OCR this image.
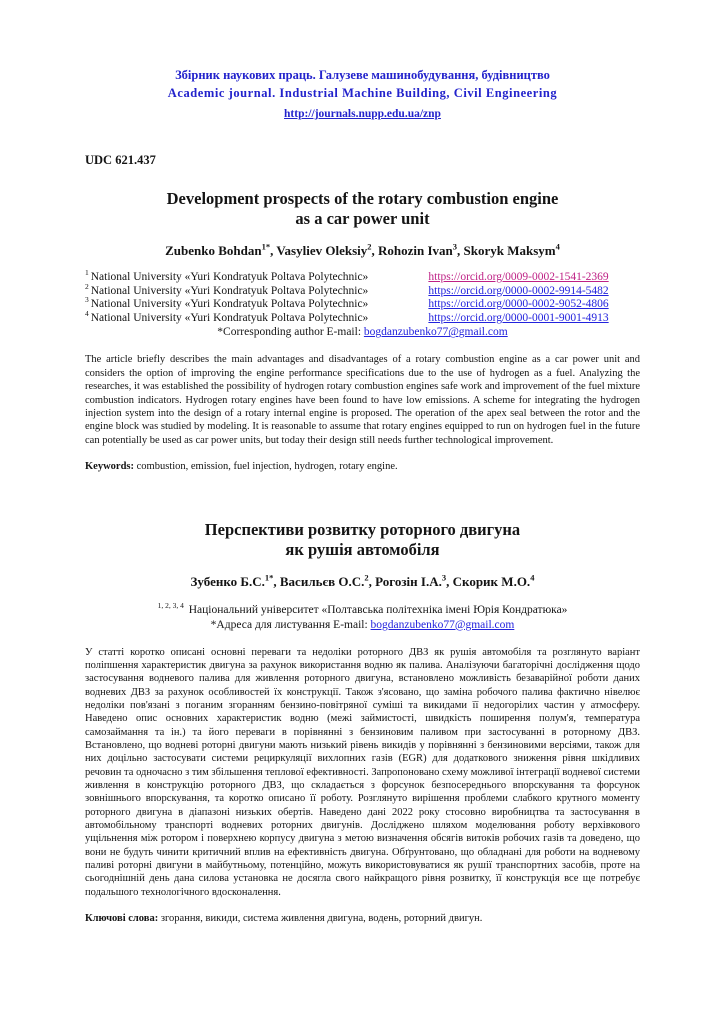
Збірник наукових праць. Галузеве машинобудування, будівництво
Academic journal. Industrial Machine Building, Civil Engineering
http://journals.nupp.edu.ua/znp
UDC 621.437
Development prospects of the rotary combustion engine
as a car power unit
Zubenko Bohdan$^{1*}$, Vasyliev Oleksiy$^2$, Rohozin Ivan$^3$, Skoryk Maksym$^4$
$^1$ National University «Yuri Kondratyuk Poltava Polytechnic»	https://orcid.org/0009-0002-1541-2369
$^2$ National University «Yuri Kondratyuk Poltava Polytechnic»	https://orcid.org/0000-0002-9914-5482
$^3$ National University «Yuri Kondratyuk Poltava Polytechnic»	https://orcid.org/0000-0002-9052-4806
$^4$ National University «Yuri Kondratyuk Poltava Polytechnic»	https://orcid.org/0000-0001-9001-4913
*Corresponding author E-mail: bogdanzubenko77@gmail.com
The article briefly describes the main advantages and disadvantages of a rotary combustion engine as a car power unit and considers the option of improving the engine performance specifications due to the use of hydrogen as a fuel. Analyzing the researches, it was established the possibility of hydrogen rotary combustion engines safe work and improvement of the fuel mixture combustion indicators. Hydrogen rotary engines have been found to have low emissions. A scheme for integrating the hydrogen injection system into the design of a rotary internal engine is proposed. The operation of the apex seal between the rotor and the engine block was studied by modeling. It is reasonable to assume that rotary engines equipped to run on hydrogen fuel in the future can potentially be used as car power units, but today their design still needs further technological improvement.
Keywords: combustion, emission, fuel injection, hydrogen, rotary engine.
Перспективи розвитку роторного двигуна
як рушія автомобіля
Зубенко Б.С.$^{1*}$, Васильєв О.С.$^2$, Рогозін І.А.$^3$, Скорик М.О.$^4$
$^{1, 2, 3, 4}$ Національний університет «Полтавська політехніка імені Юрія Кондратюка»
*Адреса для листування E-mail: bogdanzubenko77@gmail.com
У статті коротко описані основні переваги та недоліки роторного ДВЗ як рушія автомобіля та розглянуто варіант поліпшення характеристик двигуна за рахунок використання водню як палива. Аналізуючи багаторічні дослідження щодо застосування водневого палива для живлення роторного двигуна, встановлено можливість безаварійної роботи даних водневих ДВЗ за рахунок особливостей їх конструкції. Також з'ясовано, що заміна робочого палива фактично нівелює недоліки пов'язані з поганим згоранням бензино-повітряної суміші та викидами її недогорілих частин у атмосферу. Наведено опис основних характеристик водню (межі займистості, швидкість поширення полум'я, температура самозаймання та ін.) та його переваги в порівнянні з бензиновим паливом при застосуванні в роторному ДВЗ. Встановлено, що водневі роторні двигуни мають низький рівень викидів у порівнянні з бензиновими версіями, також для них доцільно застосувати системи рециркуляції вихлопних газів (EGR) для додаткового зниження рівня шкідливих речовин та одночасно з тим збільшення теплової ефективності. Запропоновано схему можливої інтеграції водневої системи живлення в конструкцію роторного ДВЗ, що складається з форсунок безпосереднього впорскування та форсунок зовнішнього впорскування, та коротко описано її роботу. Розглянуто вирішення проблеми слабкого крутного моменту роторного двигуна в діапазоні низьких обертів. Наведено дані 2022 року стосовно виробництва та застосування в автомобільному транспорті водневих роторних двигунів. Досліджено шляхом моделювання роботу верхівкового ущільнення між ротором і поверхнею корпусу двигуна з метою визначення обсягів витоків робочих газів та доведено, що вони не будуть чинити критичний вплив на ефективність двигуна. Обґрунтовано, що обладнані для роботи на водневому паливі роторні двигуни в майбутньому, потенційно, можуть використовуватися як рушії транспортних засобів, проте на сьогоднішній день дана силова установка не досягла свого найкращого рівня розвитку, її конструкція все ще потребує подальшого технологічного вдосконалення.
Ключові слова: згорання, викиди, система живлення двигуна, водень, роторний двигун.
